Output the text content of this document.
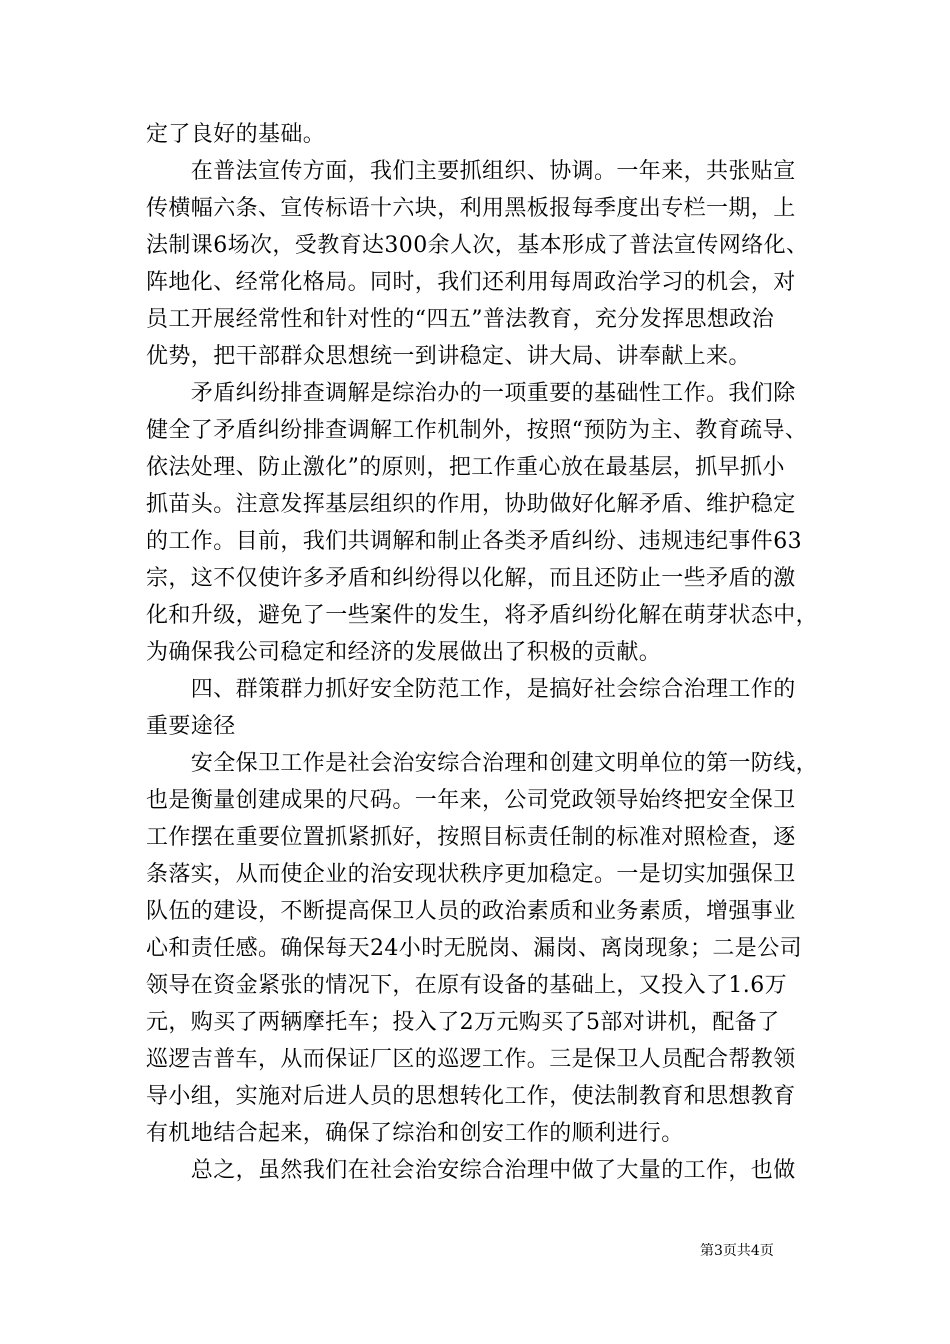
定了良好的基础。
　　在普法宣传方面，我们主要抓组织、协调。一年来，共张贴宣
传横幅六条、宣传标语十六块，利用黑板报每季度出专栏一期，上
法制课6场次，受教育达300余人次，基本形成了普法宣传网络化、
阵地化、经常化格局。同时，我们还利用每周政治学习的机会，对
员工开展经常性和针对性的“四五”普法教育，充分发挥思想政治
优势，把干部群众思想统一到讲稳定、讲大局、讲奉献上来。
　　矛盾纠纷排查调解是综治办的一项重要的基础性工作。我们除
健全了矛盾纠纷排查调解工作机制外，按照“预防为主、教育疏导、
依法处理、防止激化”的原则，把工作重心放在最基层，抓早抓小
抓苗头。注意发挥基层组织的作用，协助做好化解矛盾、维护稳定
的工作。目前，我们共调解和制止各类矛盾纠纷、违规违纪事件63
宗，这不仅使许多矛盾和纠纷得以化解，而且还防止一些矛盾的激
化和升级，避免了一些案件的发生，将矛盾纠纷化解在萌芽状态中，
为确保我公司稳定和经济的发展做出了积极的贡献。
　　四、群策群力抓好安全防范工作，是搞好社会综合治理工作的
重要途径
　　安全保卫工作是社会治安综合治理和创建文明单位的第一防线，
也是衡量创建成果的尺码。一年来，公司党政领导始终把安全保卫
工作摆在重要位置抓紧抓好，按照目标责任制的标准对照检查，逐
条落实，从而使企业的治安现状秩序更加稳定。一是切实加强保卫
队伍的建设，不断提高保卫人员的政治素质和业务素质，增强事业
心和责任感。确保每天24小时无脱岗、漏岗、离岗现象；二是公司
领导在资金紧张的情况下，在原有设备的基础上，又投入了1.6万
元，购买了两辆摩托车；投入了2万元购买了5部对讲机，配备了
巡逻吉普车，从而保证厂区的巡逻工作。三是保卫人员配合帮教领
导小组，实施对后进人员的思想转化工作，使法制教育和思想教育
有机地结合起来，确保了综治和创安工作的顺利进行。
　　总之，虽然我们在社会治安综合治理中做了大量的工作，也做
第3页共4页
